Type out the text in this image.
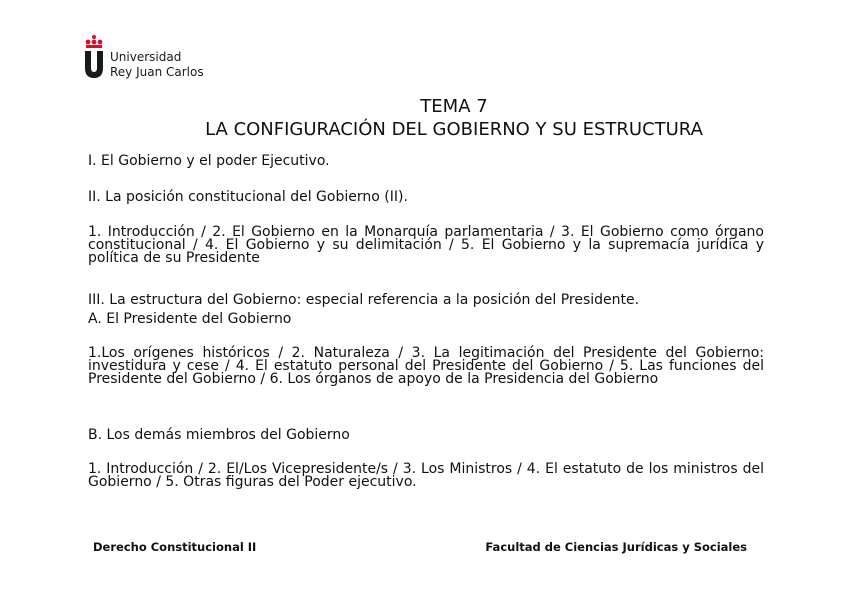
Universidad
Rey Juan Carlos
TEMA 7
LA CONFIGURACIÓN DEL GOBIERNO Y SU ESTRUCTURA

I. El Gobierno y el poder Ejecutivo.

II. La posición constitucional del Gobierno (II).

1. Introducción / 2. El Gobierno en la Monarquía parlamentaria / 3. El Gobierno como órgano constitucional / 4. El Gobierno y su delimitación / 5. El Gobierno y la supremacía jurídica y política de su Presidente

III. La estructura del Gobierno: especial referencia a la posición del Presidente.

A. El Presidente del Gobierno

1.Los orígenes históricos / 2. Naturaleza / 3. La legitimación del Presidente del Gobierno: investidura y cese / 4. El estatuto personal del Presidente del Gobierno / 5. Las funciones del Presidente del Gobierno / 6. Los órganos de apoyo de la Presidencia del Gobierno

B. Los demás miembros del Gobierno

1. Introducción / 2. El/Los Vicepresidente/s / 3. Los Ministros / 4. El estatuto de los ministros del Gobierno / 5. Otras figuras del Poder ejecutivo.

Derecho Constitucional II	Facultad de Ciencias Jurídicas y Sociales
